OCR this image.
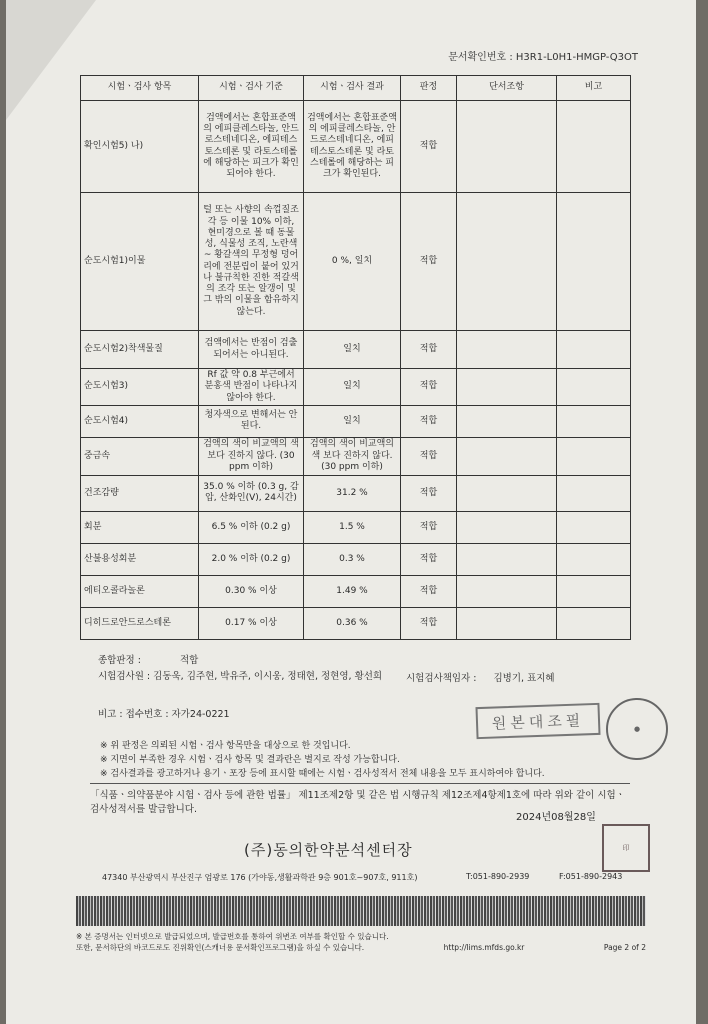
문서확인번호 : H3R1-L0H1-HMGP-Q3OT
시험ㆍ검사 항목	시험ㆍ검사 기준	시험ㆍ검사 결과	판정	단서조항	비고
확인시험5) 나)	검액에서는 혼합표준액의 에피클레스타놀, 안드로스테네디온, 에피테스토스테론 및 라토스테롤에 해당하는 피크가 확인되어야 한다.	검액에서는 혼합표준액의 에피클레스타놀, 안드로스테네디온, 에피테스토스테론 및 라토스테롤에 해당하는 피크가 확인된다.	적합		
순도시험1)이물	털 또는 사향의 속껍질조각 등 이물 10% 이하, 현미경으로 볼 때 동물성, 식물성 조직, 노란색 ~ 황갈색의 무정형 덩어리에 전분립이 붙어 있거나 불규칙한 진한 적갈색의 조각 또는 알갱이 및 그 밖의 이물을 함유하지 않는다.	0 %, 일치	적합		
순도시험2)착색물질	검액에서는 반점이 검출되어서는 아니된다.	일치	적합		
순도시험3)	Rf 값 약 0.8 부근에서 분홍색 반점이 나타나지 않아야 한다.	일치	적합		
순도시험4)	청자색으로 변해서는 안된다.	일치	적합		
중금속	검액의 색이 비교액의 색 보다 진하지 않다. (30 ppm 이하)	검액의 색이 비교액의 색 보다 진하지 않다. (30 ppm 이하)	적합		
건조감량	35.0 % 이하 (0.3 g, 감압, 산화인(V), 24시간)	31.2 %	적합		
회분	6.5 % 이하 (0.2 g)	1.5 %	적합		
산불용성회분	2.0 % 이하 (0.2 g)	0.3 %	적합		
에티오콜라놀론	0.30 % 이상	1.49 %	적합		
디히드로안드로스테론	0.17 % 이상	0.36 %	적합		
종합판정 :	적합
시험검사원 : 김동욱, 김주현, 박유주, 이시웅, 정태현, 정현영, 황선희	시험검사책임자 : 김병기, 표지혜
비고 : 접수번호 : 자가24-0221	원본대조필	●
※ 위 판정은 의뢰된 시험ㆍ검사 항목만을 대상으로 한 것입니다.
※ 지면이 부족한 경우 시험ㆍ검사 항목 및 결과란은 별지로 작성 가능합니다.
※ 검사결과를 광고하거나 용기ㆍ포장 등에 표시할 때에는 시험ㆍ검사성적서 전체 내용을 모두 표시하여야 합니다.
「식품ㆍ의약품분야 시험ㆍ검사 등에 관한 법률」 제11조제2항 및 같은 법 시행규칙 제12조제4항제1호에 따라 위와 같이 시험ㆍ검사성적서를 발급합니다.
2024년08월28일
(주)동의한약분석센터장	印
47340 부산광역시 부산진구 엄광로 176 (가야동,생활과학관 9층 901호~907호, 911호)	T:051-890-2939	F:051-890-2943
※ 본 증명서는 인터넷으로 발급되었으며, 발급번호를 통하여 위변조 여부를 확인할 수 있습니다.
또한, 문서하단의 바코드로도 진위확인(스캐너용 문서확인프로그램)을 하실 수 있습니다.	http://lims.mfds.go.kr	Page 2 of 2
